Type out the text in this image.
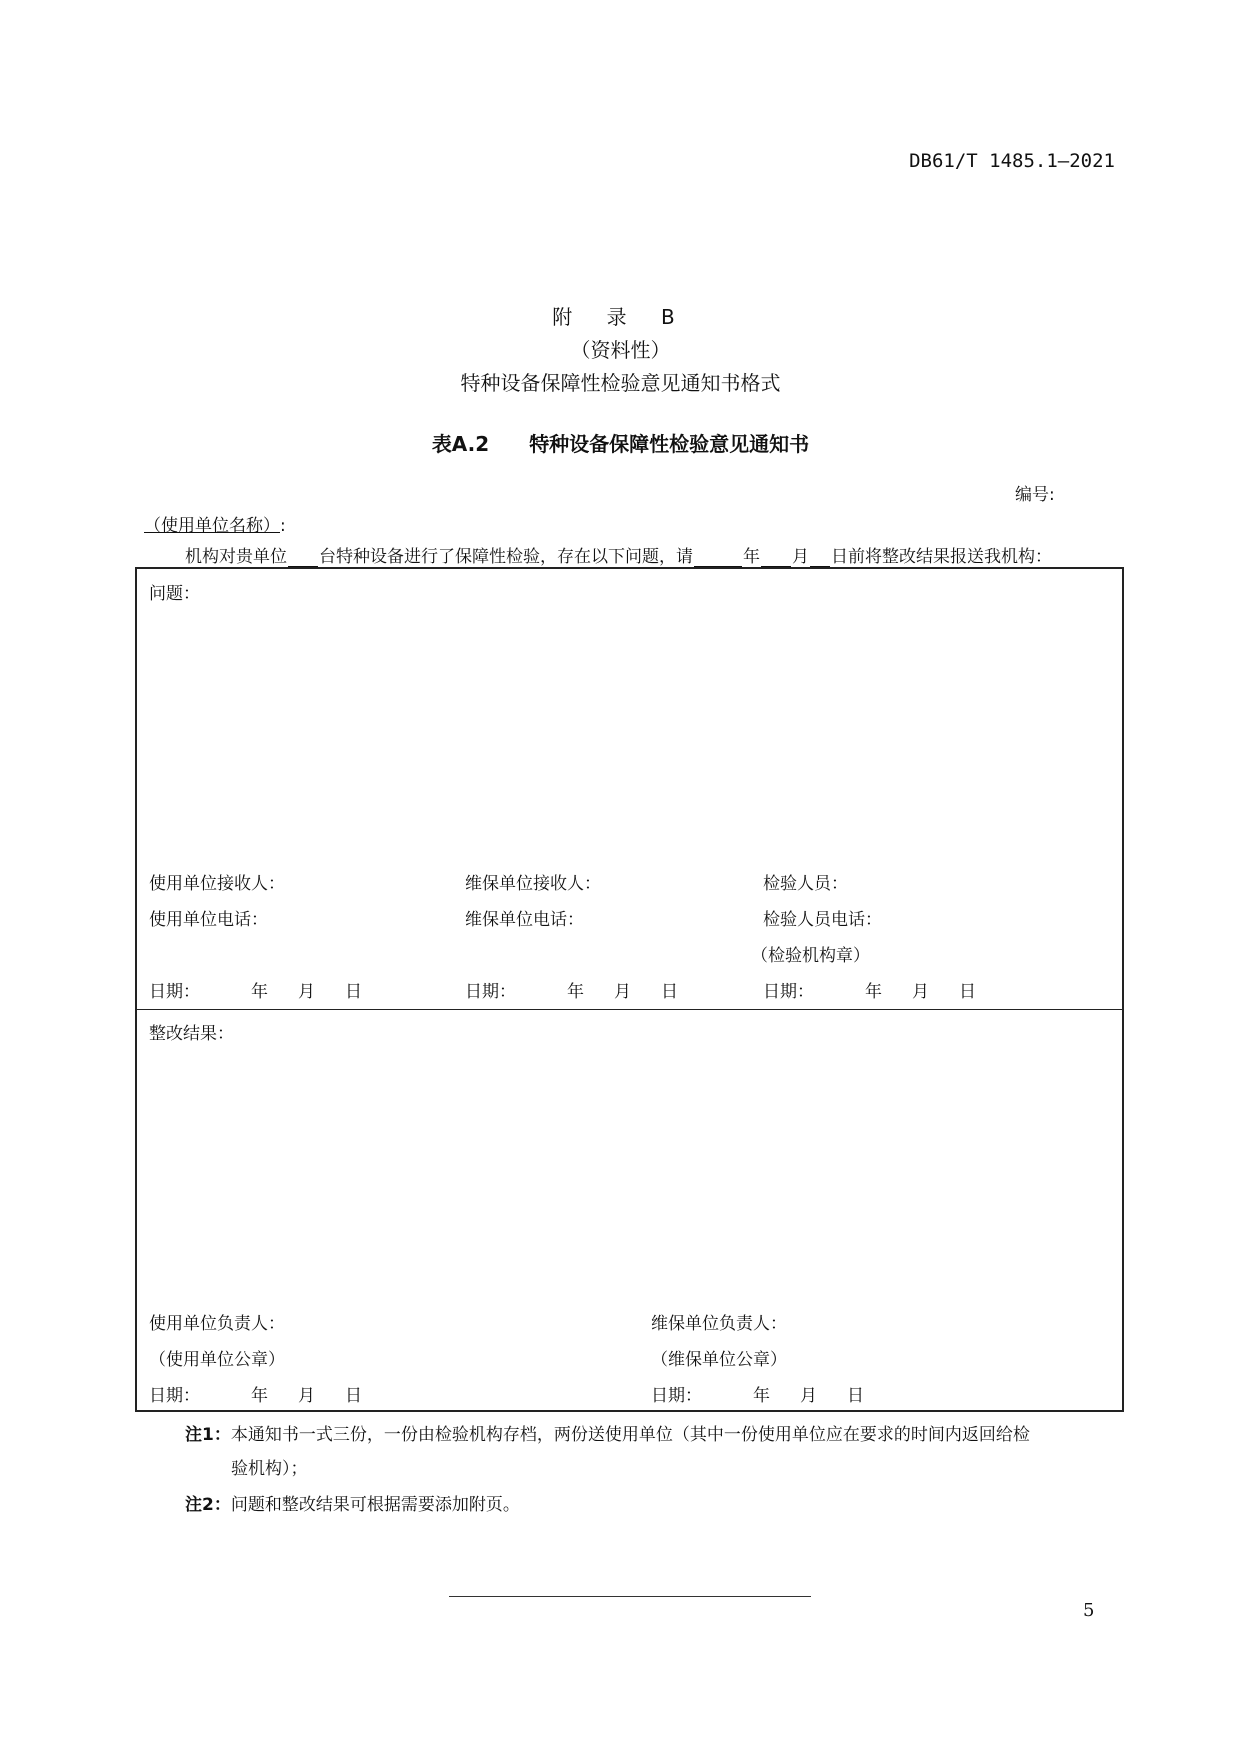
DB61/T 1485.1—2021
附 录 B
（资料性）
特种设备保障性检验意见通知书格式
表A.2 特种设备保障性检验意见通知书
编号:
（使用单位名称）:
机构对贵单位 台特种设备进行了保障性检验，存在以下问题，请	年 月 日前将整改结果报送我机构：
问题：
使用单位接收人：	维保单位接收人：	检验人员：
使用单位电话：	维保单位电话：	检验人员电话：
（检验机构章）
日期：	年 月 日	日期：	年 月 日	日期：	年 月 日
整改结果：
使用单位负责人：	维保单位负责人：
（使用单位公章）	（维保单位公章）
日期：	年 月 日	日期：	年 月 日
注1：本通知书一式三份，一份由检验机构存档，两份送使用单位（其中一份使用单位应在要求的时间内返回给检
验机构）；
注2：问题和整改结果可根据需要添加附页。
5
